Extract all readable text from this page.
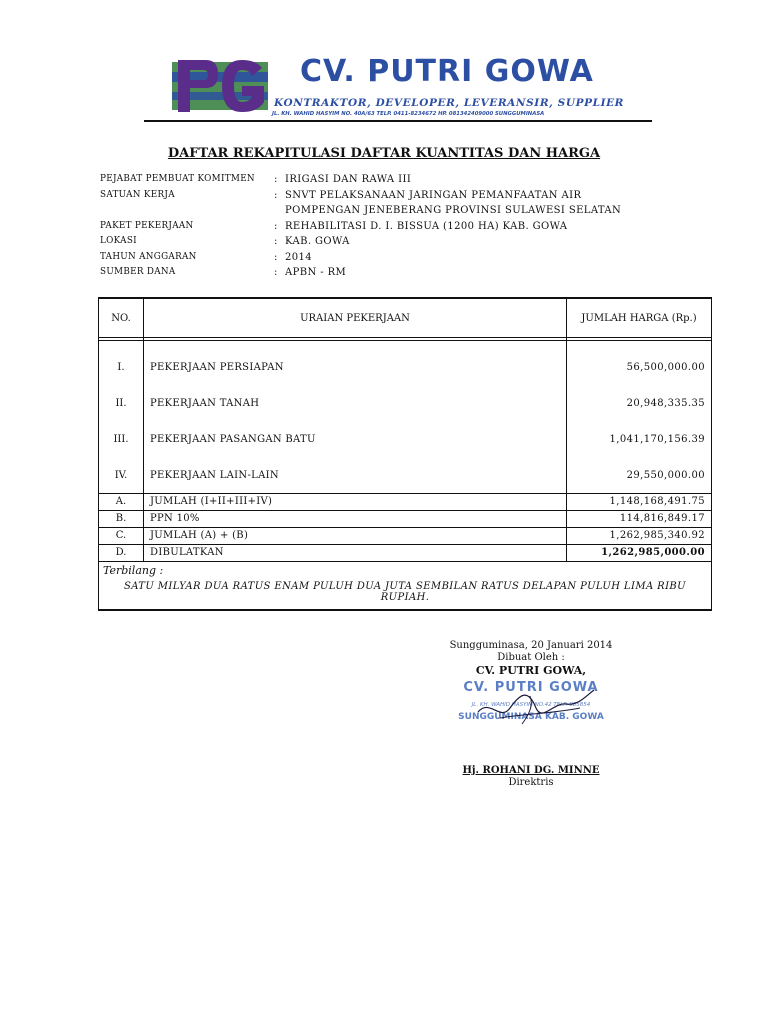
CV. PUTRI GOWA
KONTRAKTOR, DEVELOPER, LEVERANSIR, SUPPLIER
JL. KH. WAHID HASYIM NO. 40A/63 TELP. 0411-8234672 HP. 081342409000 SUNGGUMINASA
DAFTAR REKAPITULASI DAFTAR KUANTITAS DAN HARGA
PEJABAT PEMBUAT KOMITMEN	: IRIGASI DAN RAWA III
SATUAN KERJA	: SNVT PELAKSANAAN JARINGAN PEMANFAATAN AIR
POMPENGAN JENEBERANG PROVINSI SULAWESI SELATAN
PAKET PEKERJAAN	: REHABILITASI D. I. BISSUA (1200 HA) KAB. GOWA
LOKASI	: KAB. GOWA
TAHUN ANGGARAN	: 2014
SUMBER DANA	: APBN - RM
NO.	URAIAN PEKERJAAN	JUMLAH HARGA (Rp.)

I.	PEKERJAAN PERSIAPAN	56,500,000.00
II.	PEKERJAAN TANAH	20,948,335.35
III.	PEKERJAAN PASANGAN BATU	1,041,170,156.39
IV.	PEKERJAAN LAIN-LAIN	29,550,000.00
A.	JUMLAH (I+II+III+IV)	1,148,168,491.75
B.	PPN 10%	114,816,849.17
C.	JUMLAH (A) + (B)	1,262,985,340.92
D.	DIBULATKAN	1,262,985,000.00

Terbilang :
SATU MILYAR DUA RATUS ENAM PULUH DUA JUTA SEMBILAN RATUS DELAPAN PULUH LIMA RIBU RUPIAH.		
Sungguminasa, 20 Januari 2014
Dibuat Oleh :
CV. PUTRI GOWA,
CV. PUTRI GOWA
JL. KH. WAHID HASYIM NO.42 TELP. 885854
SUNGGUMINASA KAB. GOWA
Hj. ROHANI DG. MINNE
Direktris
